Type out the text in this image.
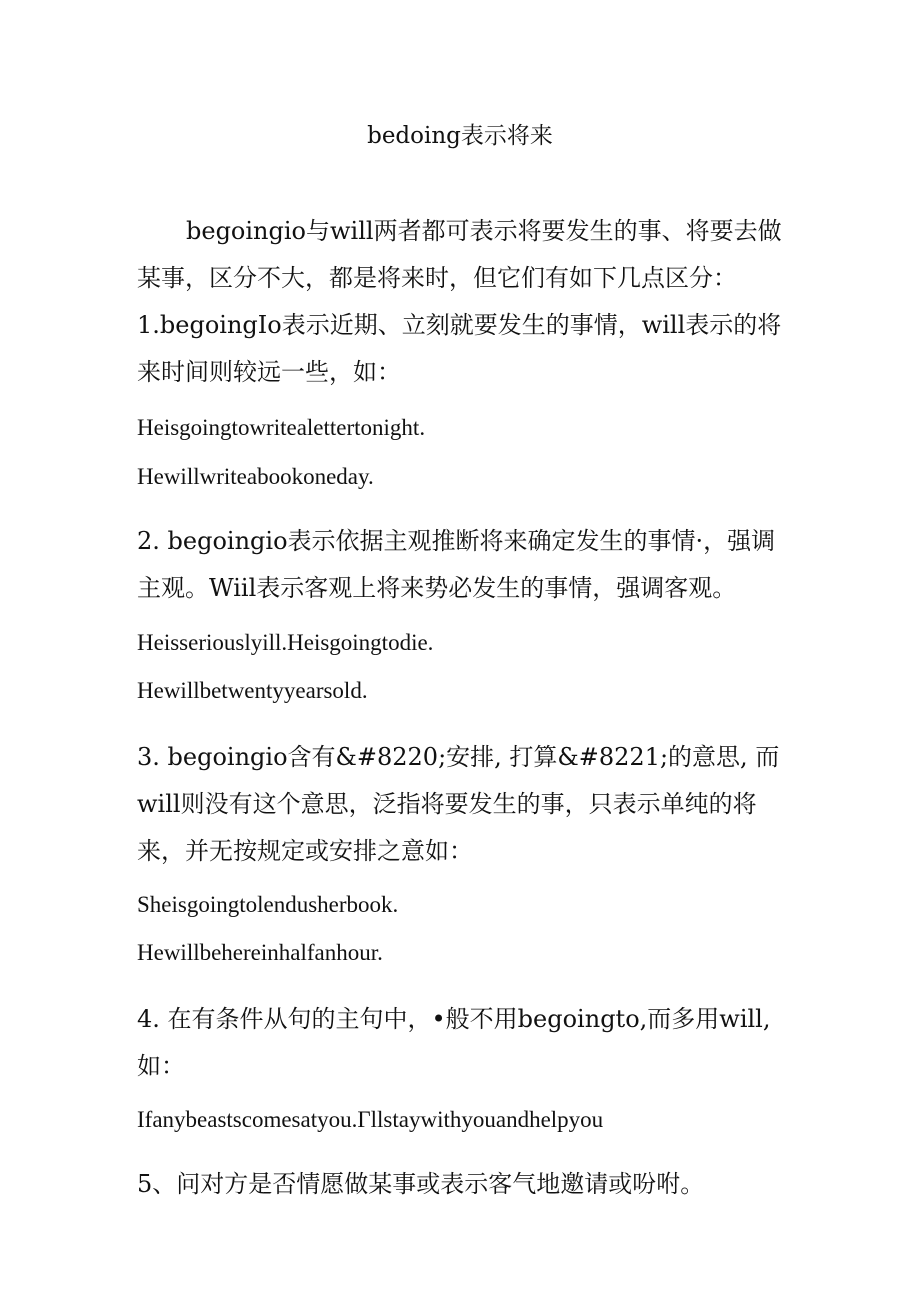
bedoing表示将来

begoingio与will两者都可表示将要发生的事、将要去做某事，区分不大，都是将来时，但它们有如下几点区分：

1.begoingIo表示近期、立刻就要发生的事情，will表示的将来时间则较远一些，如：

Heisgoingtowritealettertonight.
Hewillwriteabookoneday.

2. begoingio表示依据主观推断将来确定发生的事情·，强调主观。Wiil表示客观上将来势必发生的事情，强调客观。

Heisseriouslyill.Heisgoingtodie.
Hewillbetwentyyearsold.

3. begoingio含有&#8220;安排, 打算&#8221;的意思, 而will则没有这个意思，泛指将要发生的事，只表示单纯的将来，并无按规定或安排之意如：

Sheisgoingtolendusherbook.
Hewillbehereinhalfanhour.

4. 在有条件从句的主句中，•般不用begoingto,而多用will,如：

Ifanybeastscomesatyou.Γllstaywithyouandhelpyou

5、问对方是否情愿做某事或表示客气地邀请或吩咐。
